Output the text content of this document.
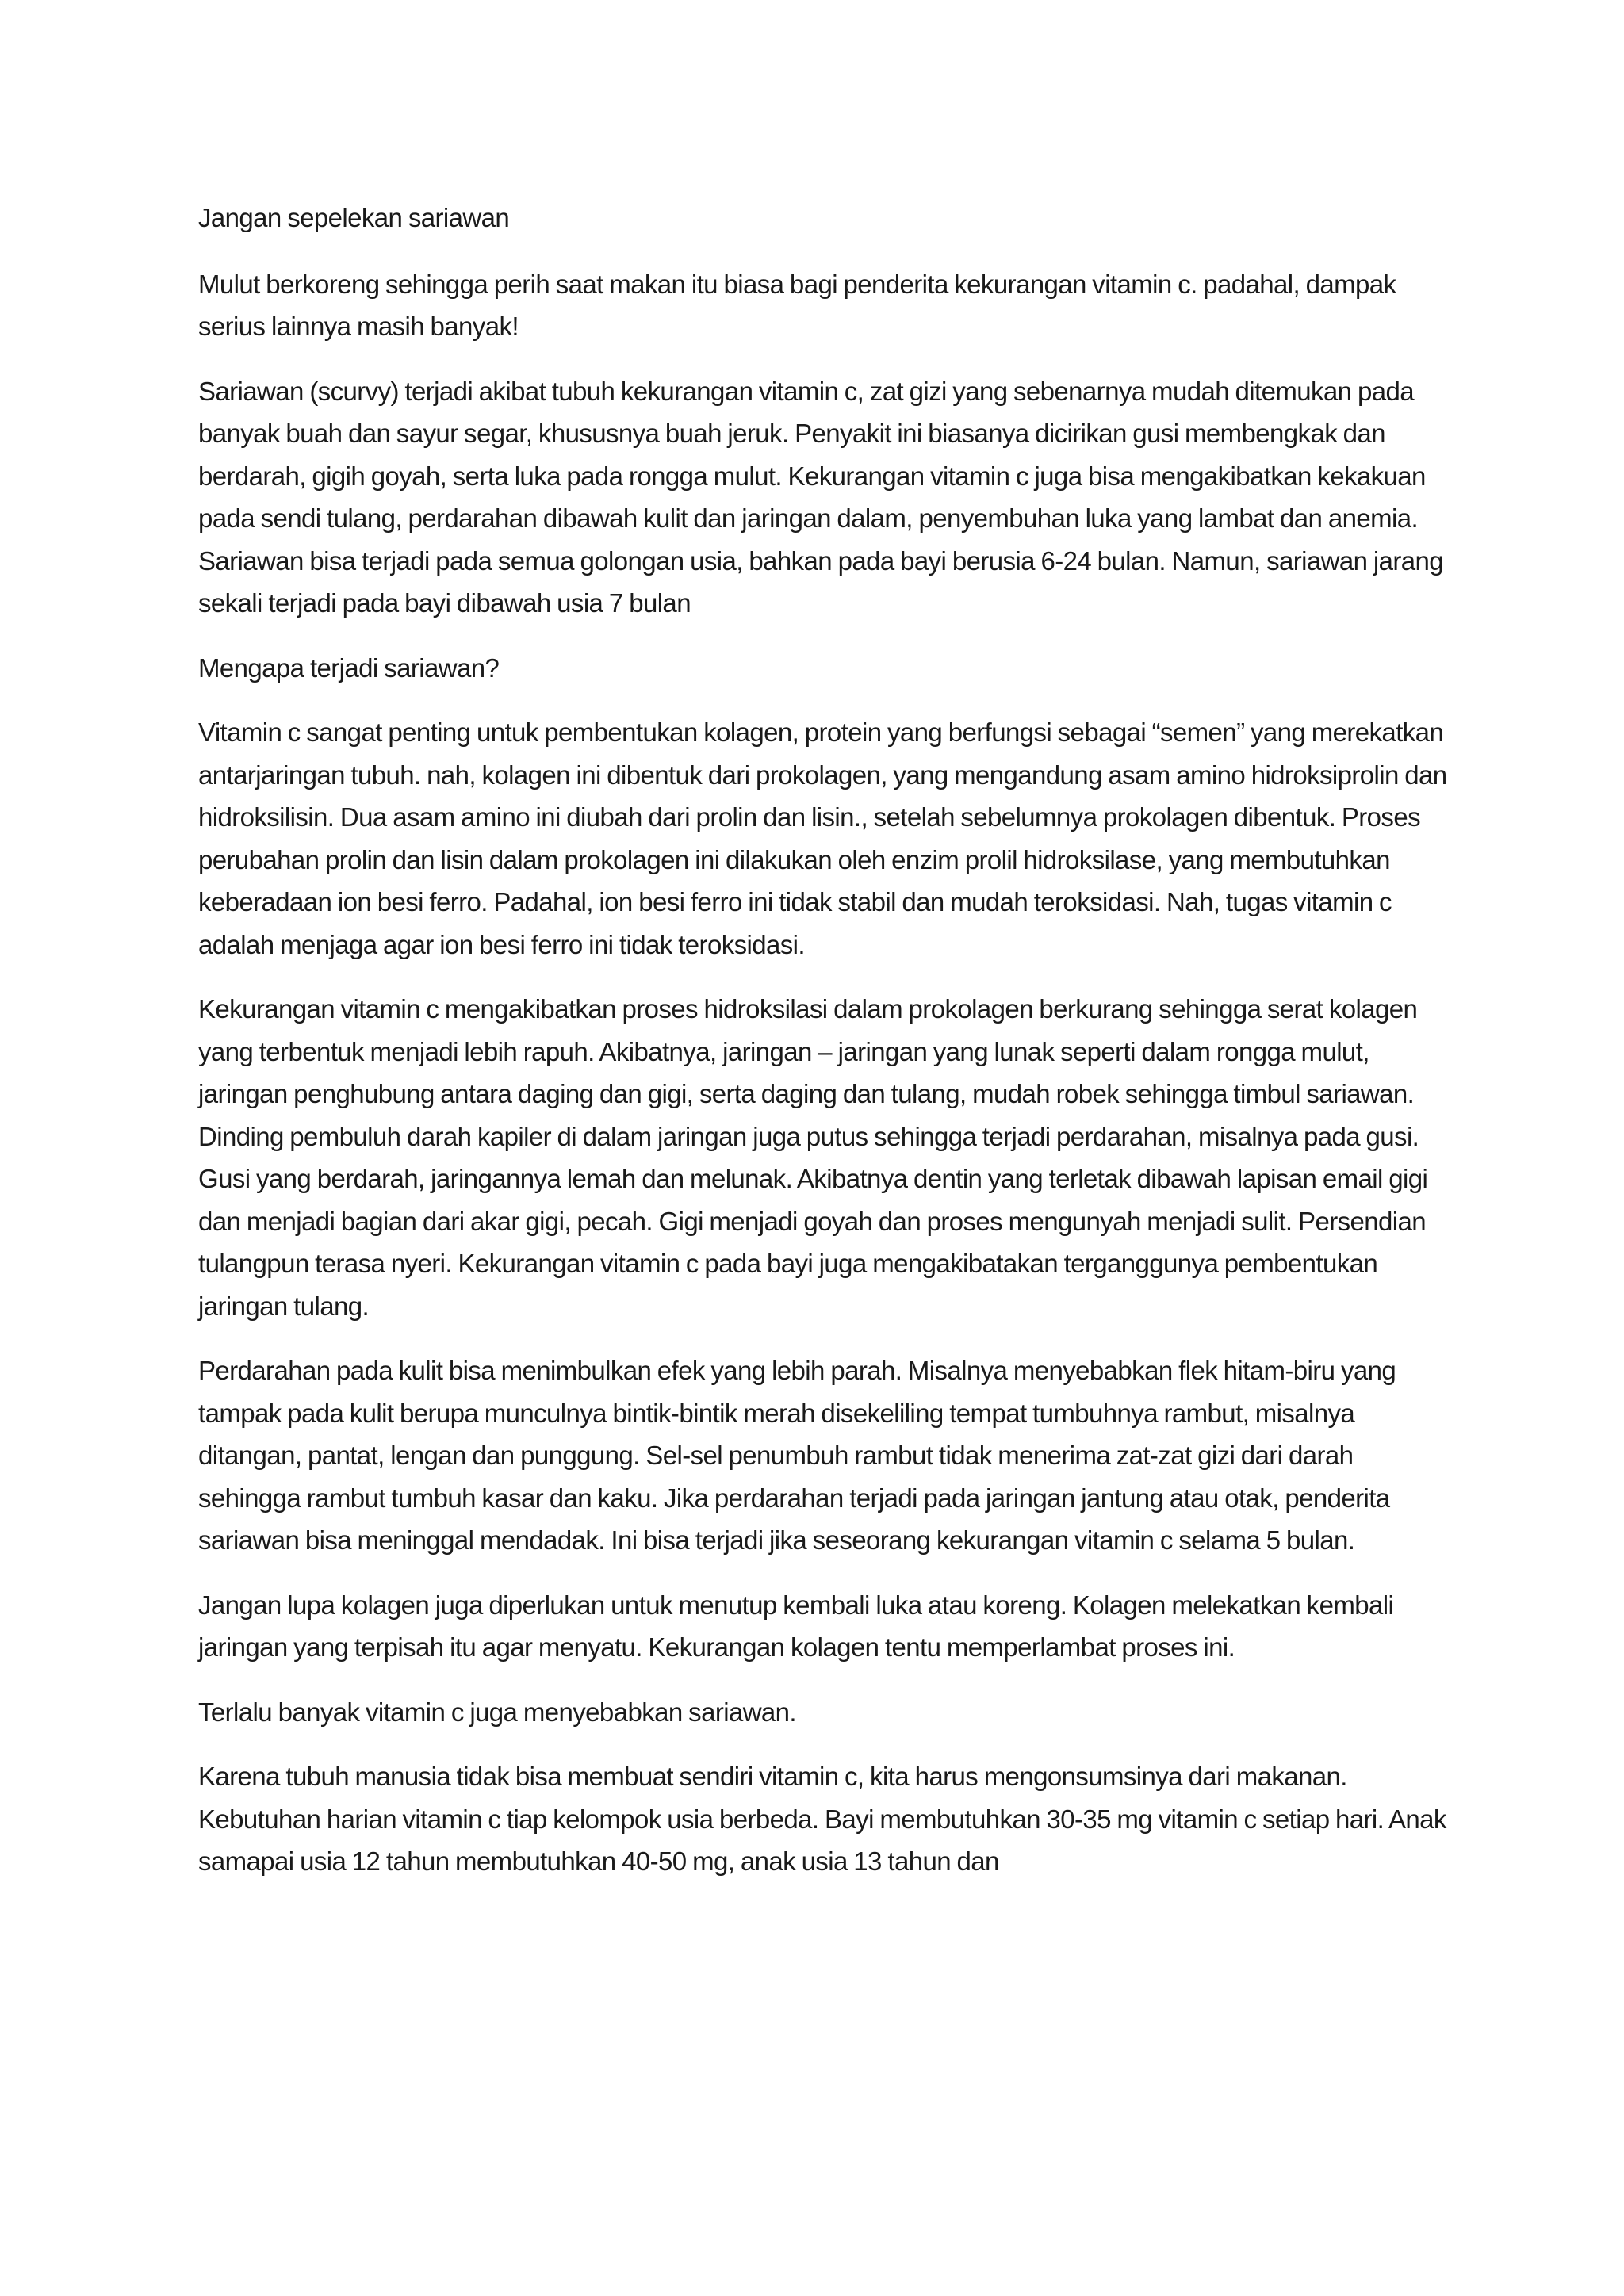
Jangan sepelekan sariawan

Mulut berkoreng sehingga perih saat makan itu biasa bagi penderita kekurangan vitamin c. padahal, dampak serius lainnya masih banyak!

Sariawan (scurvy) terjadi akibat tubuh kekurangan vitamin c, zat gizi yang sebenarnya mudah ditemukan pada banyak buah dan sayur segar, khususnya buah jeruk. Penyakit ini biasanya dicirikan gusi membengkak dan berdarah, gigih goyah, serta luka pada rongga mulut. Kekurangan vitamin c juga bisa mengakibatkan kekakuan pada sendi tulang, perdarahan dibawah kulit dan jaringan dalam, penyembuhan luka yang lambat dan anemia. Sariawan bisa terjadi pada semua golongan usia, bahkan pada bayi berusia 6-24 bulan. Namun, sariawan jarang sekali terjadi pada bayi dibawah usia 7 bulan

Mengapa terjadi sariawan?

Vitamin c sangat penting untuk pembentukan kolagen, protein yang berfungsi sebagai “semen” yang merekatkan antarjaringan tubuh. nah, kolagen ini dibentuk dari prokolagen, yang mengandung asam amino hidroksiprolin dan hidroksilisin. Dua asam amino ini diubah dari prolin dan lisin., setelah sebelumnya prokolagen dibentuk. Proses perubahan prolin dan lisin dalam prokolagen ini dilakukan oleh enzim prolil hidroksilase, yang membutuhkan keberadaan ion besi ferro. Padahal, ion besi ferro ini tidak stabil dan mudah teroksidasi. Nah, tugas vitamin c adalah menjaga agar ion besi ferro ini tidak teroksidasi.

Kekurangan vitamin c mengakibatkan proses hidroksilasi dalam prokolagen berkurang sehingga serat kolagen yang terbentuk menjadi lebih rapuh. Akibatnya, jaringan – jaringan yang lunak seperti dalam rongga mulut, jaringan penghubung antara daging dan gigi, serta daging dan tulang, mudah robek sehingga timbul sariawan. Dinding pembuluh darah kapiler di dalam jaringan juga putus sehingga terjadi perdarahan, misalnya pada gusi. Gusi yang berdarah, jaringannya lemah dan melunak. Akibatnya dentin yang terletak dibawah lapisan email gigi dan menjadi bagian dari akar gigi, pecah. Gigi menjadi goyah dan proses mengunyah menjadi sulit. Persendian tulangpun terasa nyeri. Kekurangan vitamin c pada bayi juga mengakibatakan terganggunya pembentukan jaringan tulang.

Perdarahan pada kulit bisa menimbulkan efek yang lebih parah. Misalnya menyebabkan flek hitam-biru yang tampak pada kulit berupa munculnya bintik-bintik merah disekeliling tempat tumbuhnya rambut, misalnya ditangan, pantat, lengan dan punggung. Sel-sel penumbuh rambut tidak menerima zat-zat gizi dari darah sehingga rambut tumbuh kasar dan kaku. Jika perdarahan terjadi pada jaringan jantung atau otak, penderita sariawan bisa meninggal mendadak. Ini bisa terjadi jika seseorang kekurangan vitamin c selama 5 bulan.

Jangan lupa kolagen juga diperlukan untuk menutup kembali luka atau koreng. Kolagen melekatkan kembali jaringan yang terpisah itu agar menyatu. Kekurangan kolagen tentu memperlambat proses ini.

Terlalu banyak vitamin c juga menyebabkan sariawan.

Karena tubuh manusia tidak bisa membuat sendiri vitamin c, kita harus mengonsumsinya dari makanan. Kebutuhan harian vitamin c tiap kelompok usia berbeda. Bayi membutuhkan 30-35 mg vitamin c setiap hari. Anak samapai usia 12 tahun membutuhkan 40-50 mg, anak usia 13 tahun dan
